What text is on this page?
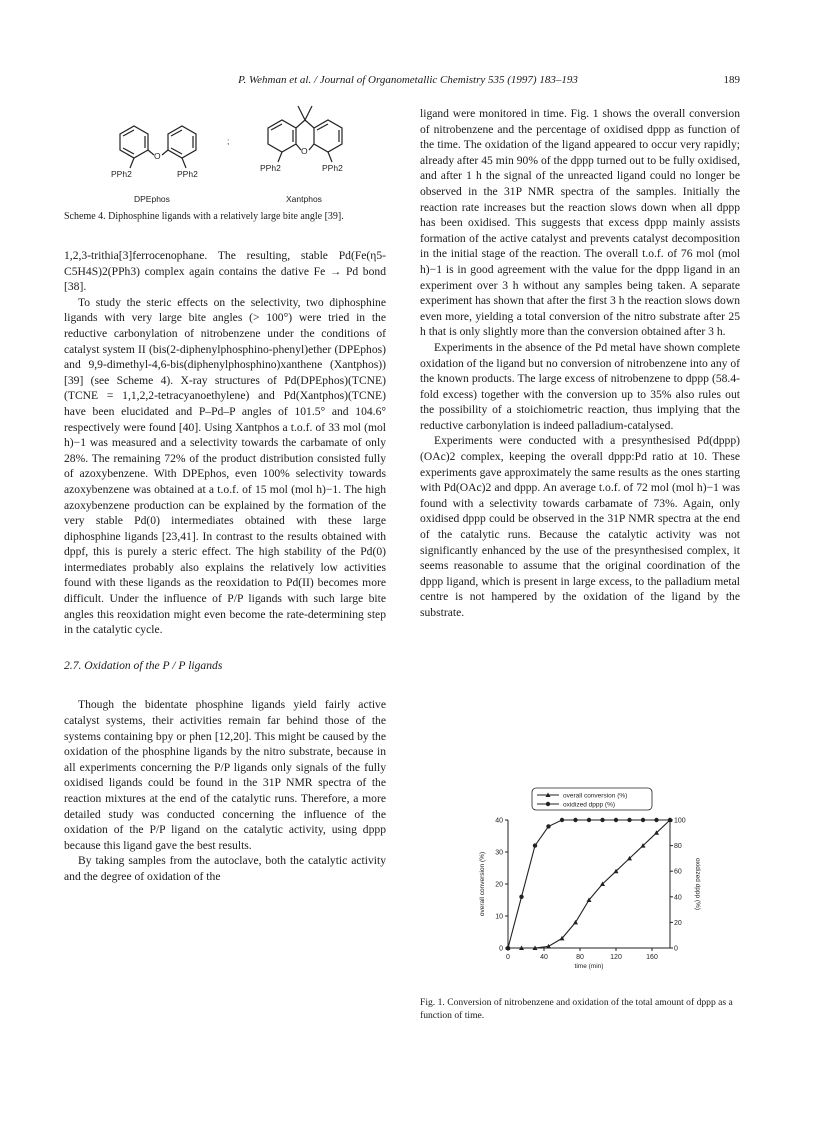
P. Wehman et al. / Journal of Organometallic Chemistry 535 (1997) 183–193	189
O
PPh2	PPh2
;
O
PPh2	PPh2
DPEphos	Xantphos

Scheme 4. Diphosphine ligands with a relatively large bite angle [39].

1,2,3-trithia[3]ferrocenophane. The resulting, stable Pd(Fe(η5-C5H4S)2(PPh3) complex again contains the dative Fe → Pd bond [38].

To study the steric effects on the selectivity, two diphosphine ligands with very large bite angles (> 100°) were tried in the reductive carbonylation of nitrobenzene under the conditions of catalyst system II (bis(2-diphenylphosphino-phenyl)ether (DPEphos) and 9,9-dimethyl-4,6-bis(diphenylphosphino)xanthene (Xantphos)) [39] (see Scheme 4). X-ray structures of Pd(DPEphos)(TCNE) (TCNE = 1,1,2,2-tetracyanoethylene) and Pd(Xantphos)(TCNE) have been elucidated and P–Pd–P angles of 101.5° and 104.6° respectively were found [40]. Using Xantphos a t.o.f. of 33 mol (mol h)−1 was measured and a selectivity towards the carbamate of only 28%. The remaining 72% of the product distribution consisted fully of azoxybenzene. With DPEphos, even 100% selectivity towards azoxybenzene was obtained at a t.o.f. of 15 mol (mol h)−1. The high azoxybenzene production can be explained by the formation of the very stable Pd(0) intermediates obtained with these large diphosphine ligands [23,41]. In contrast to the results obtained with dppf, this is purely a steric effect. The high stability of the Pd(0) intermediates probably also explains the relatively low activities found with these ligands as the reoxidation to Pd(II) becomes more difficult. Under the influence of P/P ligands with such large bite angles this reoxidation might even become the rate-determining step in the catalytic cycle.

2.7. Oxidation of the P / P ligands

Though the bidentate phosphine ligands yield fairly active catalyst systems, their activities remain far behind those of the systems containing bpy or phen [12,20]. This might be caused by the oxidation of the phosphine ligands by the nitro substrate, because in all experiments concerning the P/P ligands only signals of the fully oxidised ligands could be found in the 31P NMR spectra of the reaction mixtures at the end of the catalytic runs. Therefore, a more detailed study was conducted concerning the influence of the oxidation of the P/P ligand on the catalytic activity, using dppp because this ligand gave the best results.

By taking samples from the autoclave, both the catalytic activity and the degree of oxidation of the

ligand were monitored in time. Fig. 1 shows the overall conversion of nitrobenzene and the percentage of oxidised dppp as function of the time. The oxidation of the ligand appeared to occur very rapidly; already after 45 min 90% of the dppp turned out to be fully oxidised, and after 1 h the signal of the unreacted ligand could no longer be observed in the 31P NMR spectra of the samples. Initially the reaction rate increases but the reaction slows down when all dppp has been oxidised. This suggests that excess dppp mainly assists formation of the active catalyst and prevents catalyst decomposition in the initial stage of the reaction. The overall t.o.f. of 76 mol (mol h)−1 is in good agreement with the value for the dppp ligand in an experiment over 3 h without any samples being taken. A separate experiment has shown that after the first 3 h the reaction slows down even more, yielding a total conversion of the nitro substrate after 25 h that is only slightly more than the conversion obtained after 3 h.

Experiments in the absence of the Pd metal have shown complete oxidation of the ligand but no conversion of nitrobenzene into any of the known products. The large excess of nitrobenzene to dppp (58.4-fold excess) together with the conversion up to 35% also rules out the possibility of a stoichiometric reaction, thus implying that the reductive carbonylation is indeed palladium-catalysed.

Experiments were conducted with a presynthesised Pd(dppp)(OAc)2 complex, keeping the overall dppp:Pd ratio at 10. These experiments gave approximately the same results as the ones starting with Pd(OAc)2 and dppp. An average t.o.f. of 72 mol (mol h)−1 was found with a selectivity towards carbamate of 73%. Again, only oxidised dppp could be observed in the 31P NMR spectra at the end of the catalytic runs. Because the catalytic activity was not significantly enhanced by the use of the presynthesised complex, it seems reasonable to assume that the original coordination of the dppp ligand, which is present in large excess, to the palladium metal centre is not hampered by the oxidation of the ligand by the substrate.

0	40	80	120	160
0
10
20
30
40
0
20
40
60
80
100
time (min)
overall conversion (%)	oxidized dppp (%)
overall conversion (%)
oxidized dppp (%)

Fig. 1. Conversion of nitrobenzene and oxidation of the total amount of dppp as a function of time.
